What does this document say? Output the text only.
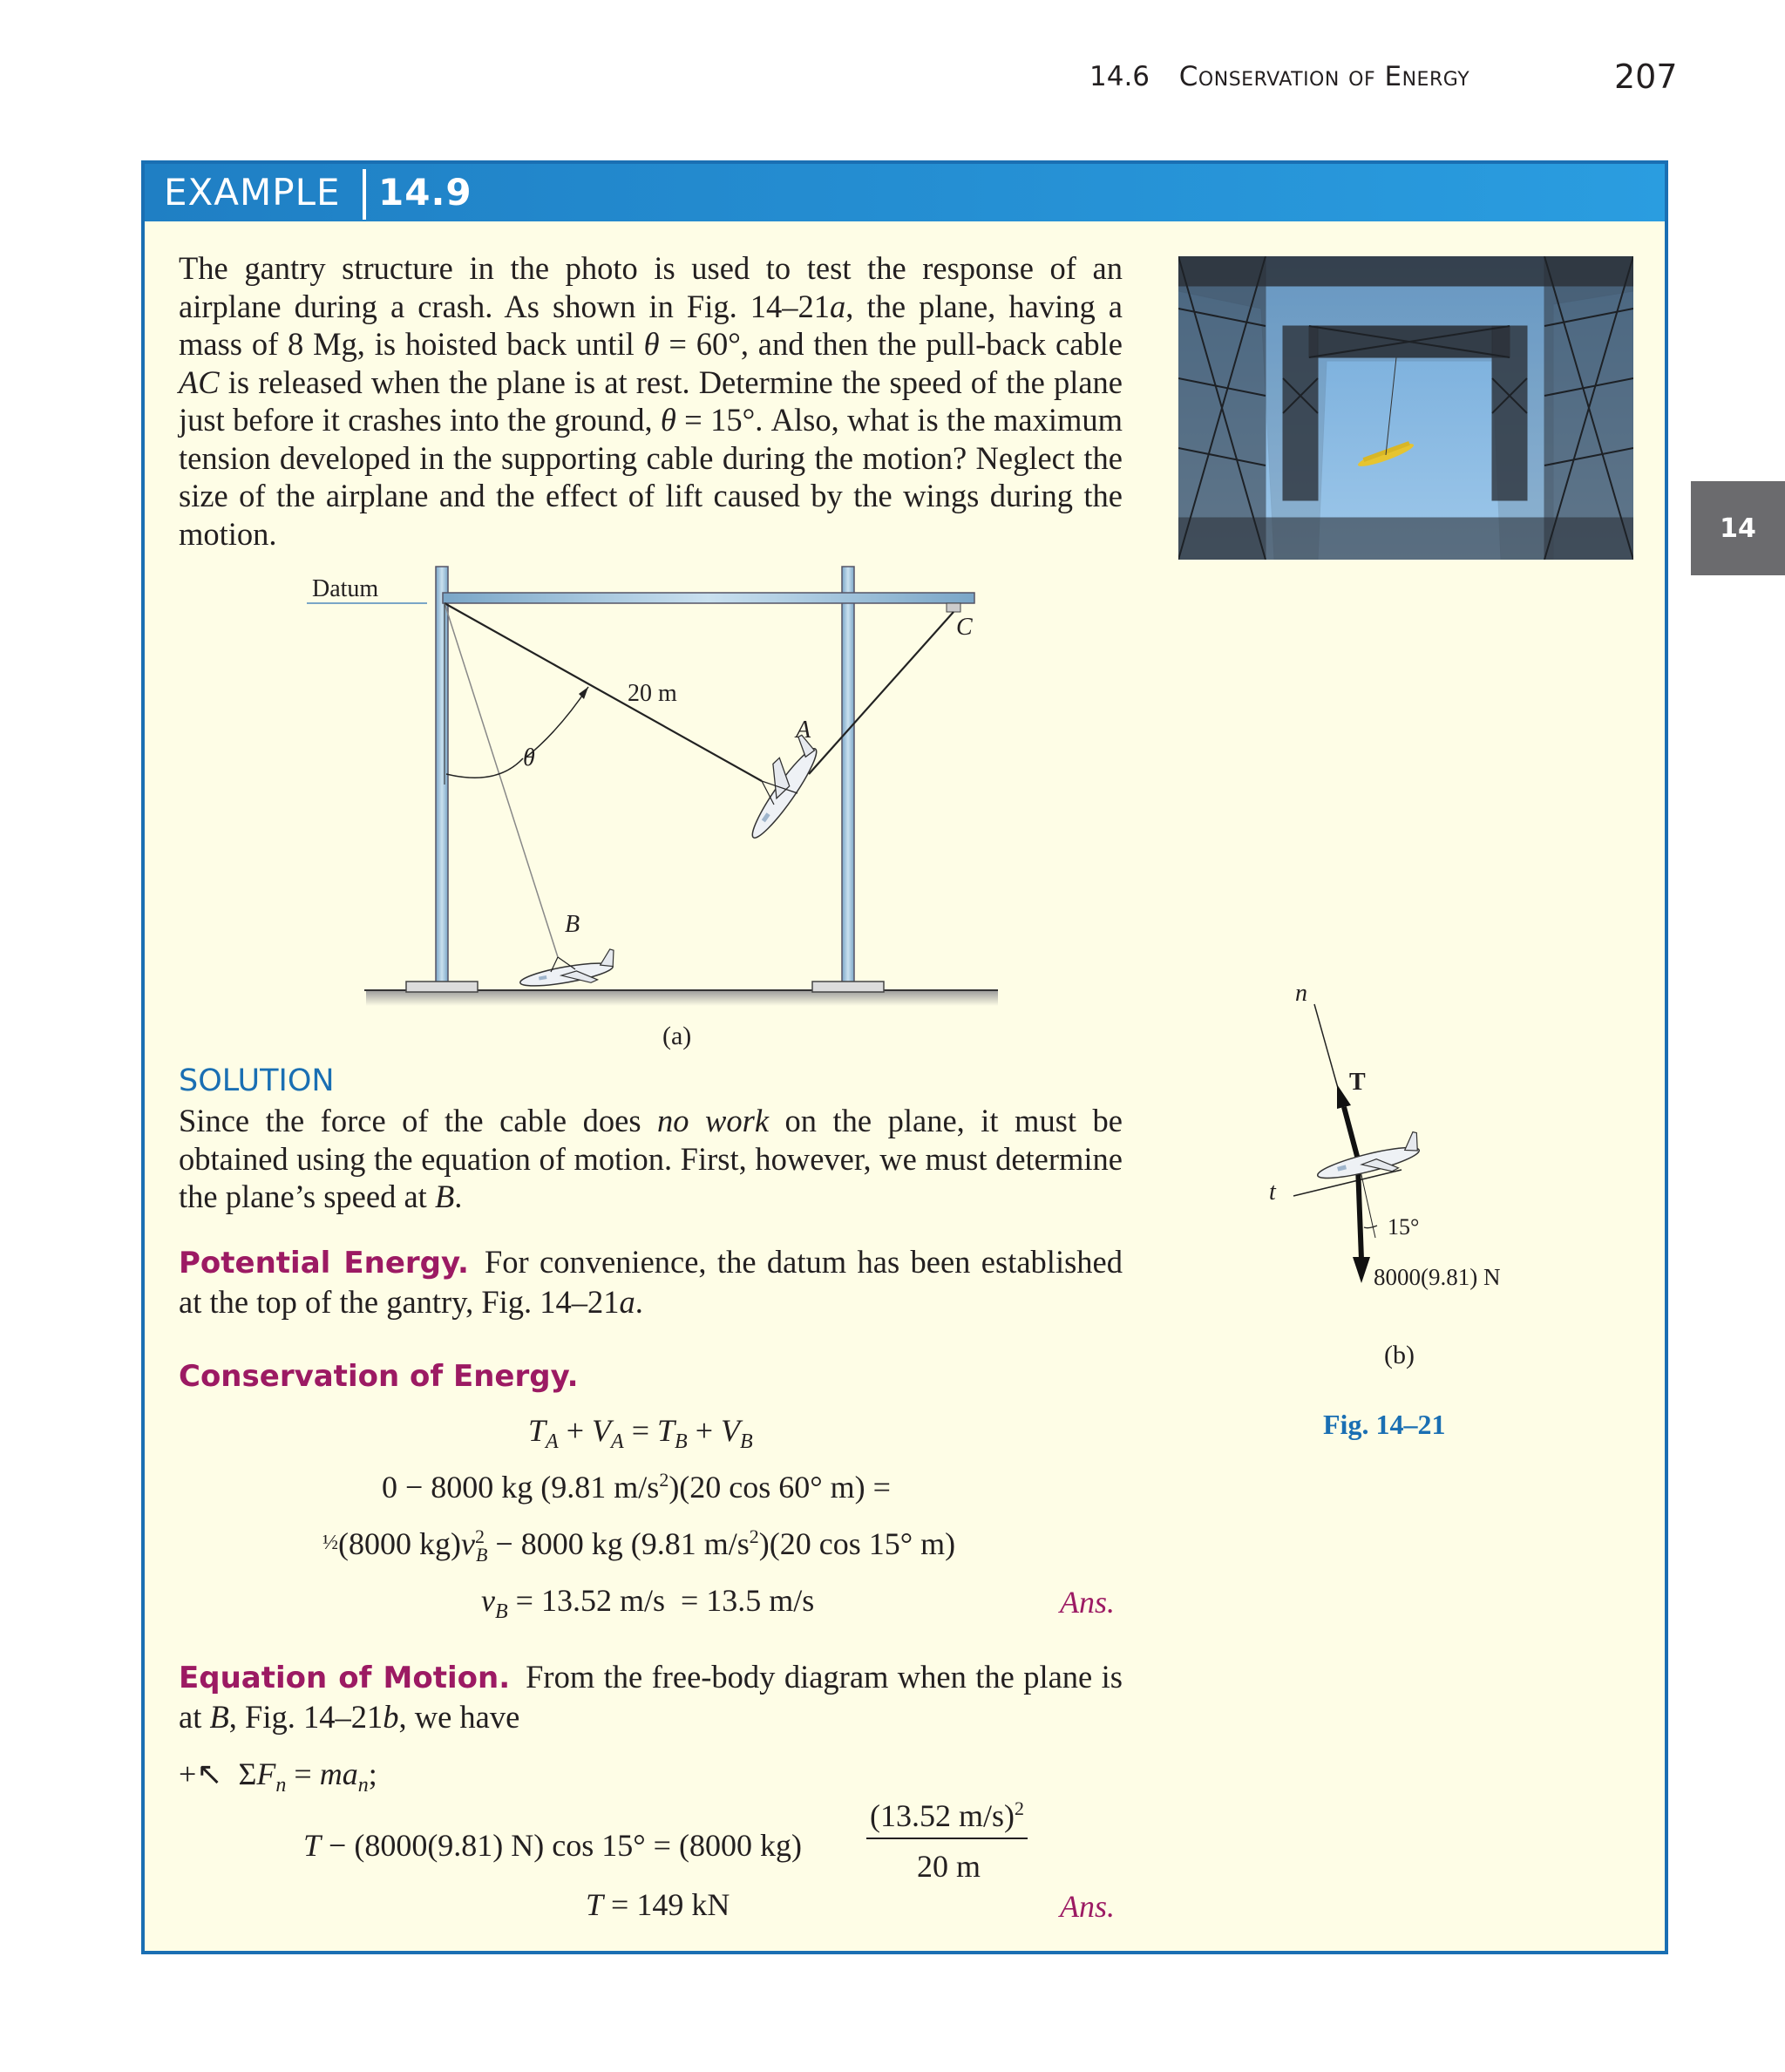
14.6 Conservation of Energy	207
14
EXAMPLE 14.9
The gantry structure in the photo is used to test the response of an airplane during a crash. As shown in Fig. 14–21a, the plane, having a mass of 8 Mg, is hoisted back until θ = 60°, and then the pull-back cable AC is released when the plane is at rest. Determine the speed of the plane just before it crashes into the ground, θ = 15°. Also, what is the maximum tension developed in the supporting cable during the motion? Neglect the size of the airplane and the effect of lift caused by the wings during the motion.
Datum
20 m
θ
A
B
C
(a)
n
t
T
15°
8000(9.81) N
(b)
Fig. 14–21
SOLUTION
Since the force of the cable does no work on the plane, it must be obtained using the equation of motion. First, however, we must determine the plane’s speed at B.
Potential Energy. For convenience, the datum has been established at the top of the gantry, Fig. 14–21a.
Conservation of Energy.
$T_A + V_A = T_B + V_B$
0 − 8000 kg (9.81 $m/s^2)(20$ cos 60° m) =
½(8000 $kg)v^2_B - 8000$ kg (9.81 $m/s^2)(20$ cos 15° m)
$v_B = 13.52$ m/s  = 13.5 m/s	Ans.
Equation of Motion. From the free-body diagram when the plane is at B, Fig. 14–21b, we have
+↖  $\Sigma F_n = ma_n$;
T − (8000(9.81) N) cos 15° = (8000 kg)
(13.52 m/s)$^2$
20 m
T = 149 kN	Ans.
